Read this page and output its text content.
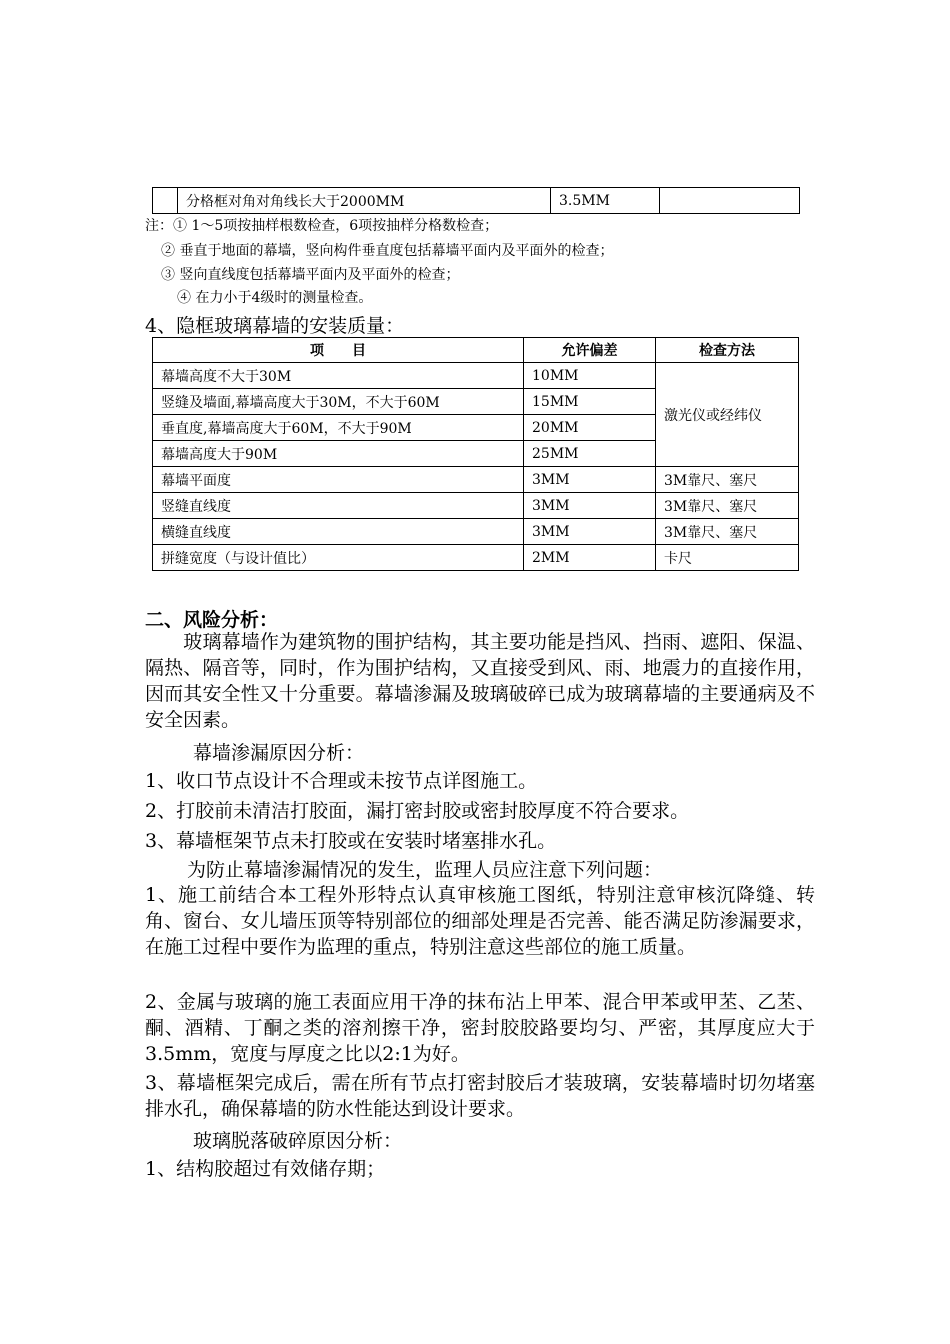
	分格框对角对角线长大于2000MM	3.5MM	
注：① 1～5项按抽样根数检查，6项按抽样分格数检查；
② 垂直于地面的幕墙，竖向构件垂直度包括幕墙平面内及平面外的检查；
③ 竖向直线度包括幕墙平面内及平面外的检查；
④ 在力小于4级时的测量检查。
4、隐框玻璃幕墙的安装质量：
项　　目	允许偏差	检查方法
幕墙高度不大于30M	10MM	激光仪或经纬仪
竖缝及墙面,幕墙高度大于30M，不大于60M	15MM	
垂直度,幕墙高度大于60M，不大于90M	20MM	
幕墙高度大于90M	25MM	
幕墙平面度	3MM	3M靠尺、塞尺
竖缝直线度	3MM	3M靠尺、塞尺
横缝直线度	3MM	3M靠尺、塞尺
拼缝宽度（与设计值比）	2MM	卡尺
二、风险分析：
　　玻璃幕墙作为建筑物的围护结构，其主要功能是挡风、挡雨、遮阳、保温、隔热、隔音等，同时，作为围护结构，又直接受到风、雨、地震力的直接作用，因而其安全性又十分重要。幕墙渗漏及玻璃破碎已成为玻璃幕墙的主要通病及不安全因素。
幕墙渗漏原因分析：
1、收口节点设计不合理或未按节点详图施工。
2、打胶前未清洁打胶面，漏打密封胶或密封胶厚度不符合要求。
3、幕墙框架节点未打胶或在安装时堵塞排水孔。
为防止幕墙渗漏情况的发生，监理人员应注意下列问题：
1、施工前结合本工程外形特点认真审核施工图纸，特别注意审核沉降缝、转角、窗台、女儿墙压顶等特别部位的细部处理是否完善、能否满足防渗漏要求，在施工过程中要作为监理的重点，特别注意这些部位的施工质量。
2、金属与玻璃的施工表面应用干净的抹布沾上甲苯、混合甲苯或甲苤、乙苤、酮、酒精、丁酮之类的溶剂擦干净，密封胶胶路要均匀、严密，其厚度应大于3.5mm，宽度与厚度之比以2:1为好。
3、幕墙框架完成后，需在所有节点打密封胶后才装玻璃，安装幕墙时切勿堵塞排水孔，确保幕墙的防水性能达到设计要求。
玻璃脱落破碎原因分析：
1、结构胶超过有效储存期；
